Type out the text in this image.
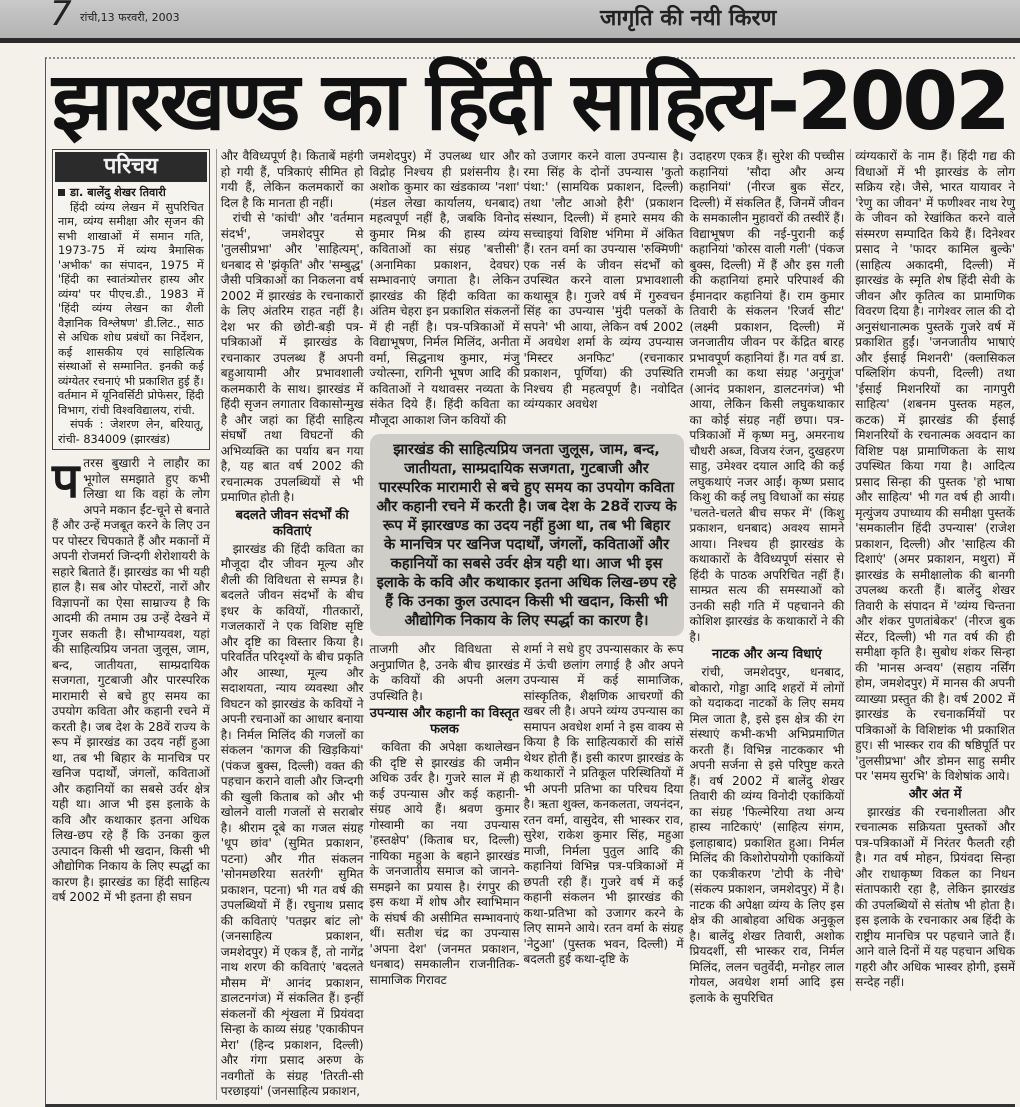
7 रांची,13 फरवरी, 2003	जागृति की नयी किरण
झारखण्ड का हिंदी साहित्य-2002
परिचय
डा. बालेंदु शेखर तिवारी

हिंदी व्यंग्य लेखन में सुपरिचित नाम, व्यंग्य समीक्षा और सृजन की सभी शाखाओं में समान गति, 1973-75 में व्यंग्य त्रैमासिक 'अभीक' का संपादन, 1975 में 'हिंदी का स्वातंत्र्योत्तर हास्य और व्यंग्य' पर पीएच.डी., 1983 में 'हिंदी व्यंग्य लेखन का शैली वैज्ञानिक विश्लेषण' डी.लिट., साठ से अधिक शोध प्रबंधों का निर्देशन, कई शासकीय एवं साहित्यिक संस्थाओं से सम्मानित. इनकी कई व्यंग्येतर रचनाएं भी प्रकाशित हुई हैं। वर्तमान में यूनिवर्सिटी प्रोफेसर, हिंदी विभाग, रांची विश्वविद्यालय, रांची.

संपर्क : जेशरण लेन, बरियातू, रांची- 834009 (झारखंड)

प तरस बुखारी ने लाहौर का भूगोल समझाते हुए कभी लिखा था कि वहां के लोग अपने मकान ईंट-चूने से बनाते हैं और उन्हें मजबूत करने के लिए उन पर पोस्टर चिपकाते हैं और मकानों में अपनी रोजमर्रा जिन्दगी शेरोशायरी के सहारे बिताते हैं। झारखंड का भी यही हाल है। सब ओर पोस्टरों, नारों और विज्ञापनों का ऐसा साम्राज्य है कि आदमी की तमाम उम्र उन्हें देखने में गुजर सकती है। सौभाग्यवश, यहां की साहित्यप्रिय जनता जुलूस, जाम, बन्द, जातीयता, साम्प्रदायिक सजगता, गुटबाजी और पारस्परिक मारामारी से बचे हुए समय का उपयोग कविता और कहानी रचने में करती है। जब देश के 28वें राज्य के रूप में झारखंड का उदय नहीं हुआ था, तब भी बिहार के मानचित्र पर खनिज पदार्थों, जंगलों, कविताओं और कहानियों का सबसे उर्वर क्षेत्र यही था। आज भी इस इलाके के कवि और कथाकार इतना अधिक लिख-छप रहे हैं कि उनका कुल उत्पादन किसी भी खदान, किसी भी औद्योगिक निकाय के लिए स्पर्द्धा का कारण है। झारखंड का हिंदी साहित्य वर्ष 2002 में भी इतना ही सघन

और वैविध्यपूर्ण है। किताबें महंगी हो गयी हैं, पत्रिकाएं सीमित हो गयी हैं, लेकिन कलमकारों का दिल है कि मानता ही नहीं।

रांची से 'कांची' और 'वर्तमान संदर्भ', जमशेदपुर से 'तुलसीप्रभा' और 'साहित्यम्', धनबाद से 'झंकृति' और 'सम्बुद्ध' जैसी पत्रिकाओं का निकलना वर्ष 2002 में झारखंड के रचनाकारों के लिए अंतरिम राहत नहीं है। देश भर की छोटी-बड़ी पत्र-पत्रिकाओं में झारखंड के रचनाकार उपलब्ध हैं अपनी बहुआयामी और प्रभावशाली कलमकारी के साथ। झारखंड में हिंदी सृजन लगातार विकासोन्मुख है और जहां का हिंदी साहित्य संघर्षों तथा विघटनों की अभिव्यक्ति का पर्याय बन गया है, यह बात वर्ष 2002 की रचनात्मक उपलब्धियों से भी प्रमाणित होती है।

बदलते जीवन संदर्भों की कविताएं

झारखंड की हिंदी कविता का मौजूदा दौर जीवन मूल्य और शैली की विविधता से सम्पन्न है। बदलते जीवन संदर्भों के बीच इधर के कवियों, गीतकारों, गजलकारों ने एक विशिष्ट सृष्टि और दृष्टि का विस्तार किया है। परिवर्तित परिदृश्यों के बीच प्रकृति और आस्था, मूल्य और सदाशयता, न्याय व्यवस्था और विघटन को झारखंड के कवियों ने अपनी रचनाओं का आधार बनाया है। निर्मल मिलिंद की गजलों का संकलन 'कागज की खिड़कियां' (पंकज बुक्स, दिल्ली) वक्त की पहचान कराने वाली और जिन्दगी की खुली किताब को और भी खोलने वाली गजलों से सराबोर है। श्रीराम दूबे का गजल संग्रह 'धूप छांव' (सुमित प्रकाशन, पटना) और गीत संकलन 'सोनमछरिया सतरंगी' सुमित प्रकाशन, पटना) भी गत वर्ष की उपलब्धियों में हैं। रघुनाथ प्रसाद की कविताएं 'पतझर बांट लो' (जनसाहित्य प्रकाशन, जमशेदपुर) में एकत्र हैं, तो नागेंद्र नाथ शरण की कविताएं 'बदलते मौसम में' आनंद प्रकाशन, डालटनगंज) में संकलित हैं। इन्हीं संकलनों की शृंखला में प्रियंवदा सिन्हा के काव्य संग्रह 'एकाकीपन मेरा' (हिन्द प्रकाशन, दिल्ली) और गंगा प्रसाद अरुण के नवगीतों के संग्रह 'तिरती-सी परछाइयां' (जनसाहित्य प्रकाशन,

जमशेदपुर) में उपलब्ध धार और विद्रोह निश्चय ही प्रशंसनीय है। अशोक कुमार का खंडकाव्य 'नशा' (मंडल लेखा कार्यालय, धनबाद) महत्वपूर्ण नहीं है, जबकि विनोद कुमार मिश्र की हास्य व्यंग्य कविताओं का संग्रह 'बत्तीसी' (अनामिका प्रकाशन, देवघर) सम्भावनाएं जगाता है। लेकिन झारखंड की हिंदी कविता का अंतिम चेहरा इन प्रकाशित संकलनों में ही नहीं है। पत्र-पत्रिकाओं में विद्याभूषण, निर्मल मिलिंद, अनीता वर्मा, सिद्धनाथ कुमार, मंजु ज्योत्स्ना, रागिनी भूषण आदि की कविताओं ने यथावसर नव्यता के संकेत दिये हैं। हिंदी कविता का मौजूदा आकाश जिन कवियों की

को उजागर करने वाला उपन्यास है। रमा सिंह के दोनों उपन्यास 'कुतो पंथा:' (सामयिक प्रकाशन, दिल्ली) तथा 'लौट आओ हैरी' (प्रकाशन संस्थान, दिल्ली) में हमारे समय की सच्चाइयां विशिष्ट भंगिमा में अंकित हैं। रतन वर्मा का उपन्यास 'रुक्मिणी' एक नर्स के जीवन संदर्भों को उपस्थित करने वाला प्रभावशाली कथासूत्र है। गुजरे वर्ष में गुरुवचन सिंह का उपन्यास 'मुंदी पलकों के सपने' भी आया, लेकिन वर्ष 2002 में अवधेश शर्मा के व्यंग्य उपन्यास 'मिस्टर अनफिट' (रचनाकार प्रकाशन, पूर्णिया) की उपस्थिति निश्चय ही महत्वपूर्ण है। नवोदित व्यंग्यकार अवधेश

झारखंड की साहित्यप्रिय जनता जुलूस, जाम, बन्द, जातीयता, साम्प्रदायिक सजगता, गुटबाजी और पारस्परिक मारामारी से बचे हुए समय का उपयोग कविता और कहानी रचने में करती है। जब देश के 28वें राज्य के रूप में झारखण्ड का उदय नहीं हुआ था, तब भी बिहार के मानचित्र पर खनिज पदार्थों, जंगलों, कविताओं और कहानियों का सबसे उर्वर क्षेत्र यही था। आज भी इस इलाके के कवि और कथाकार इतना अधिक लिख-छप रहे हैं कि उनका कुल उत्पादन किसी भी खदान, किसी भी औद्योगिक निकाय के लिए स्पर्द्धा का कारण है।

ताजगी और विविधता से अनुप्राणित है, उनके बीच झारखंड के कवियों की अपनी अलग उपस्थिति है।

उपन्यास और कहानी का विस्तृत फलक

कविता की अपेक्षा कथालेखन की दृष्टि से झारखंड की जमीन अधिक उर्वर है। गुजरे साल में ही कई उपन्यास और कई कहानी-संग्रह आये हैं। श्रवण कुमार गोस्वामी का नया उपन्यास 'हस्तक्षेप' (किताब घर, दिल्ली) नायिका महुआ के बहाने झारखंड के जनजातीय समाज को जानने-समझने का प्रयास है। रंगपुर की इस कथा में शोष और स्वाभिमान के संघर्ष की असीमित सम्भावनाएं थीं। सतीश चंद्र का उपन्यास 'अपना देश' (जनमत प्रकाशन, धनबाद) समकालीन राजनीतिक-सामाजिक गिरावट

शर्मा ने सधे हुए उपन्यासकार के रूप में ऊंची छलांग लगाई है और अपने उपन्यास में कई सामाजिक, सांस्कृतिक, शैक्षणिक आचरणों की खबर ली है। अपने व्यंग्य उपन्यास का समापन अवधेश शर्मा ने इस वाक्य से किया है कि साहित्यकारों की सांसें थेथर होती हैं। इसी कारण झारखंड के कथाकारों ने प्रतिकूल परिस्थितियों में भी अपनी प्रतिभा का परिचय दिया है। ऋता शुक्ल, कनकलता, जयनंदन, रतन वर्मा, वासुदेव, सी भास्कर राव, सुरेश, राकेश कुमार सिंह, महुआ माजी, निर्मला पुतुल आदि की कहानियां विभिन्न पत्र-पत्रिकाओं में छपती रही हैं। गुजरे वर्ष में कई कहानी संकलन भी झारखंड की कथा-प्रतिभा को उजागर करने के लिए सामने आये। रतन वर्मा के संग्रह 'नेटुआ' (पुस्तक भवन, दिल्ली) में बदलती हुई कथा-दृष्टि के

उदाहरण एकत्र हैं। सुरेश की पच्चीस कहानियां 'सौदा और अन्य कहानियां' (नीरज बुक सेंटर, दिल्ली) में संकलित हैं, जिनमें जीवन के समकालीन मुहावरों की तस्वीरें हैं। विद्याभूषण की नई-पुरानी कई कहानियां 'कोरस वाली गली' (पंकज बुक्स, दिल्ली) में हैं और इस गली की कहानियां हमारे परिपार्श्व की ईमानदार कहानियां हैं। राम कुमार तिवारी के संकलन 'रिजर्व सीट' (लक्ष्मी प्रकाशन, दिल्ली) में जनजातीय जीवन पर केंद्रित बारह प्रभावपूर्ण कहानियां हैं। गत वर्ष डा. रामजी का कथा संग्रह 'अनुगूंज' (आनंद प्रकाशन, डालटनगंज) भी आया, लेकिन किसी लघुकथाकार का कोई संग्रह नहीं छपा। पत्र-पत्रिकाओं में कृष्ण मनु, अमरनाथ चौधरी अब्ज, विजय रंजन, दुखहरण साहु, उमेश्वर दयाल आदि की कई लघुकथाएं नजर आईं। कृष्ण प्रसाद किशु की कई लघु विधाओं का संग्रह 'चलते-चलते बीच सफर में' (किशु प्रकाशन, धनबाद) अवश्य सामने आया। निश्चय ही झारखंड के कथाकारों के वैविध्यपूर्ण संसार से हिंदी के पाठक अपरिचित नहीं हैं। साम्प्रत सत्य की समस्याओं को उनकी सही गति में पहचानने की कोशिश झारखंड के कथाकारों ने की है।

नाटक और अन्य विधाएं

रांची, जमशेदपुर, धनबाद, बोकारो, गोड्डा आदि शहरों में लोगों को यदाकदा नाटकों के लिए समय मिल जाता है, इसे इस क्षेत्र की रंग संस्थाएं कभी-कभी अभिप्रमाणित करती हैं। विभिन्न नाटककार भी अपनी सर्जना से इसे परिपुष्ट करते हैं। वर्ष 2002 में बालेंदु शेखर तिवारी की व्यंग्य विनोदी एकांकियों का संग्रह 'फिल्मेरिया तथा अन्य हास्य नाटिकाएं' (साहित्य संगम, इलाहाबाद) प्रकाशित हुआ। निर्मल मिलिंद की किशोरोपयोगी एकांकियों का एकत्रीकरण 'टोपी के नीचे' (संकल्प प्रकाशन, जमशेदपुर) में है। नाटक की अपेक्षा व्यंग्य के लिए इस क्षेत्र की आबोहवा अधिक अनुकूल है। बालेंदु शेखर तिवारी, अशोक प्रियदर्शी, सी भास्कर राव, निर्मल मिलिंद, ललन चतुर्वेदी, मनोहर लाल गोयल, अवधेश शर्मा आदि इस इलाके के सुपरिचित

व्यंग्यकारों के नाम हैं। हिंदी गद्य की विधाओं में भी झारखंड के लोग सक्रिय रहे। जैसे, भारत यायावर ने 'रेणु का जीवन' में फणीश्वर नाथ रेणु के जीवन को रेखांकित करने वाले संस्मरण सम्पादित किये हैं। दिनेश्वर प्रसाद ने 'फादर कामिल बुल्के' (साहित्य अकादमी, दिल्ली) में झारखंड के स्मृति शेष हिंदी सेवी के जीवन और कृतित्व का प्रामाणिक विवरण दिया है। नागेश्वर लाल की दो अनुसंधानात्मक पुस्तकें गुजरे वर्ष में प्रकाशित हुईं। 'जनजातीय भाषाएं और ईसाई मिशनरी' (क्लासिकल पब्लिशिंग कंपनी, दिल्ली) तथा 'ईसाई मिशनरियों का नागपुरी साहित्य' (शबनम पुस्तक महल, कटक) में झारखंड की ईसाई मिशनरियों के रचनात्मक अवदान का विशिष्ट पक्ष प्रामाणिकता के साथ उपस्थित किया गया है। आदित्य प्रसाद सिन्हा की पुस्तक 'हो भाषा और साहित्य' भी गत वर्ष ही आयी। मृत्युंजय उपाध्याय की समीक्षा पुस्तकें 'समकालीन हिंदी उपन्यास' (राजेश प्रकाशन, दिल्ली) और 'साहित्य की दिशाएं' (अमर प्रकाशन, मथुरा) में झारखंड के समीक्षालोक की बानगी उपलब्ध करती हैं। बालेंदु शेखर तिवारी के संपादन में 'व्यंग्य चिन्तना और शंकर पुणतांबेकर' (नीरज बुक सेंटर, दिल्ली) भी गत वर्ष की ही समीक्षा कृति है। सुबोध शंकर सिन्हा की 'मानस अन्वय' (सहाय नर्सिंग होम, जमशेदपुर) में मानस की अपनी व्याख्या प्रस्तुत की है। वर्ष 2002 में झारखंड के रचनाकर्मियों पर पत्रिकाओं के विशिष्टांक भी प्रकाशित हुए। सी भास्कर राव की षष्ठिपूर्ति पर 'तुलसीप्रभा' और डोमन साहु समीर पर 'समय सुरभि' के विशेषांक आये।

और अंत में

झारखंड की रचनाशीलता और रचनात्मक सक्रियता पुस्तकों और पत्र-पत्रिकाओं में निरंतर फैलती रही है। गत वर्ष मोहन, प्रियंवदा सिन्हा और राधाकृष्ण विकल का निधन संतापकारी रहा है, लेकिन झारखंड की उपलब्धियों से संतोष भी होता है। इस इलाके के रचनाकार अब हिंदी के राष्ट्रीय मानचित्र पर पहचाने जाते हैं। आने वाले दिनों में यह पहचान अधिक गहरी और अधिक भास्वर होगी, इसमें सन्देह नहीं।
